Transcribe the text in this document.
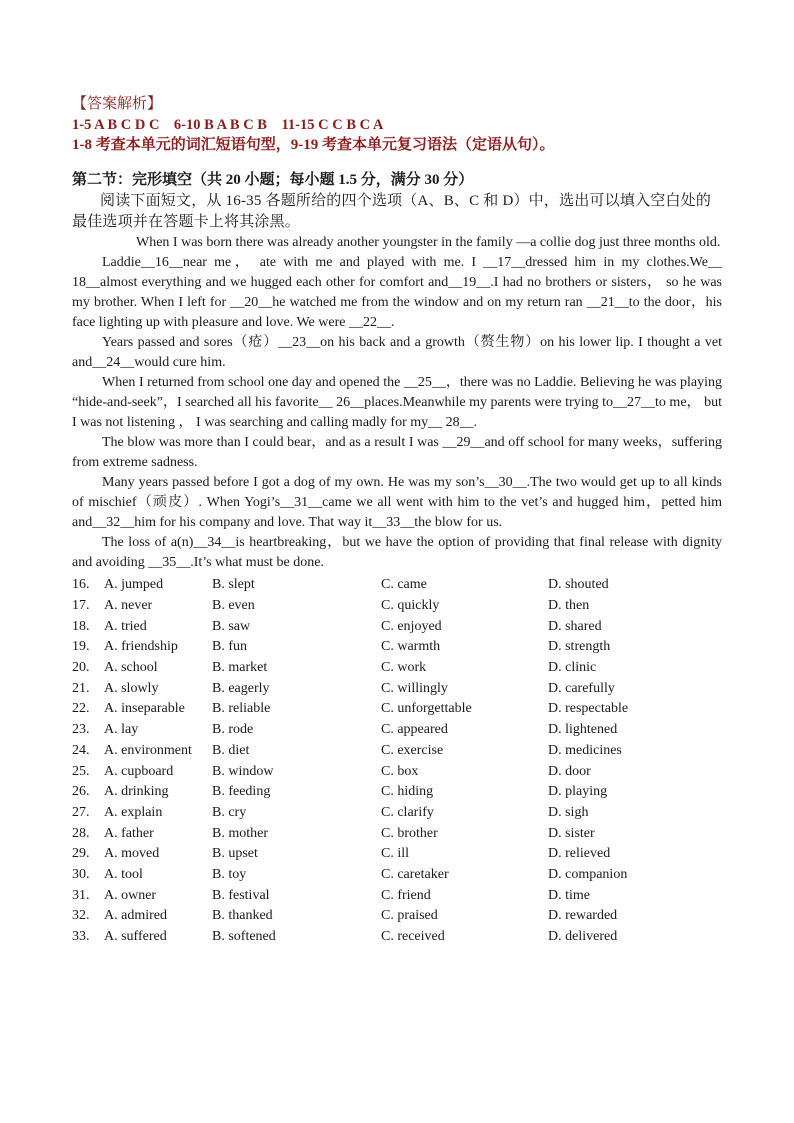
【答案解析】
1-5 A B C D C    6-10 B A B C B    11-15 C C B C A
1-8 考查本单元的词汇短语句型，9-19 考查本单元复习语法（定语从句）。
第二节：完形填空（共 20 小题；每小题 1.5 分，满分 30 分）
阅读下面短文，从 16-35 各题所给的四个选项（A、B、C 和 D）中，选出可以填入空白处的最佳选项并在答题卡上将其涂黑。

When I was born there was already another youngster in the family —a collie dog just three months old.

Laddie__16__near me， ate with me and played with me. I __17__dressed him in my clothes.We__ 18__almost everything and we hugged each other for comfort and__19__.I had no brothers or sisters， so he was my brother. When I left for __20__he watched me from the window and on my return ran __21__to the door，his face lighting up with pleasure and love. We were __22__.

Years passed and sores（疮）__23__on his back and a growth（赘生物）on his lower lip. I thought a vet and__24__would cure him.

When I returned from school one day and opened the __25__，there was no Laddie. Believing he was playing “hide-and-seek”，I searched all his favorite__ 26__places.Meanwhile my parents were trying to__27__to me， but I was not listening ， I was searching and calling madly for my__ 28__.

The blow was more than I could bear，and as a result I was __29__and off school for many weeks，suffering from extreme sadness.

Many years passed before I got a dog of my own. He was my son’s__30__.The two would get up to all kinds of mischief（顽皮）. When Yogi’s__31__came we all went with him to the vet’s and hugged him，petted him and__32__him for his company and love. That way it__33__the blow for us.

The loss of a(n)__34__is heartbreaking，but we have the option of providing that final release with dignity and avoiding __35__.It’s what must be done.

16.	A. jumped	B. slept	C. came	D. shouted
17.	A. never	B. even	C. quickly	D. then
18.	A. tried	B. saw	C. enjoyed	D. shared
19.	A. friendship	B. fun	C. warmth	D. strength
20.	A. school	B. market	C. work	D. clinic
21.	A. slowly	B. eagerly	C. willingly	D. carefully
22.	A. inseparable	B. reliable	C. unforgettable	D. respectable
23.	A. lay	B. rode	C. appeared	D. lightened
24.	A. environment	B. diet	C. exercise	D. medicines
25.	A. cupboard	B. window	C. box	D. door
26.	A. drinking	B. feeding	C. hiding	D. playing
27.	A. explain	B. cry	C. clarify	D. sigh
28.	A. father	B. mother	C. brother	D. sister
29.	A. moved	B. upset	C. ill	D. relieved
30.	A. tool	B. toy	C. caretaker	D. companion
31.	A. owner	B. festival	C. friend	D. time
32.	A. admired	B. thanked	C. praised	D. rewarded
33.	A. suffered	B. softened	C. received	D. delivered
